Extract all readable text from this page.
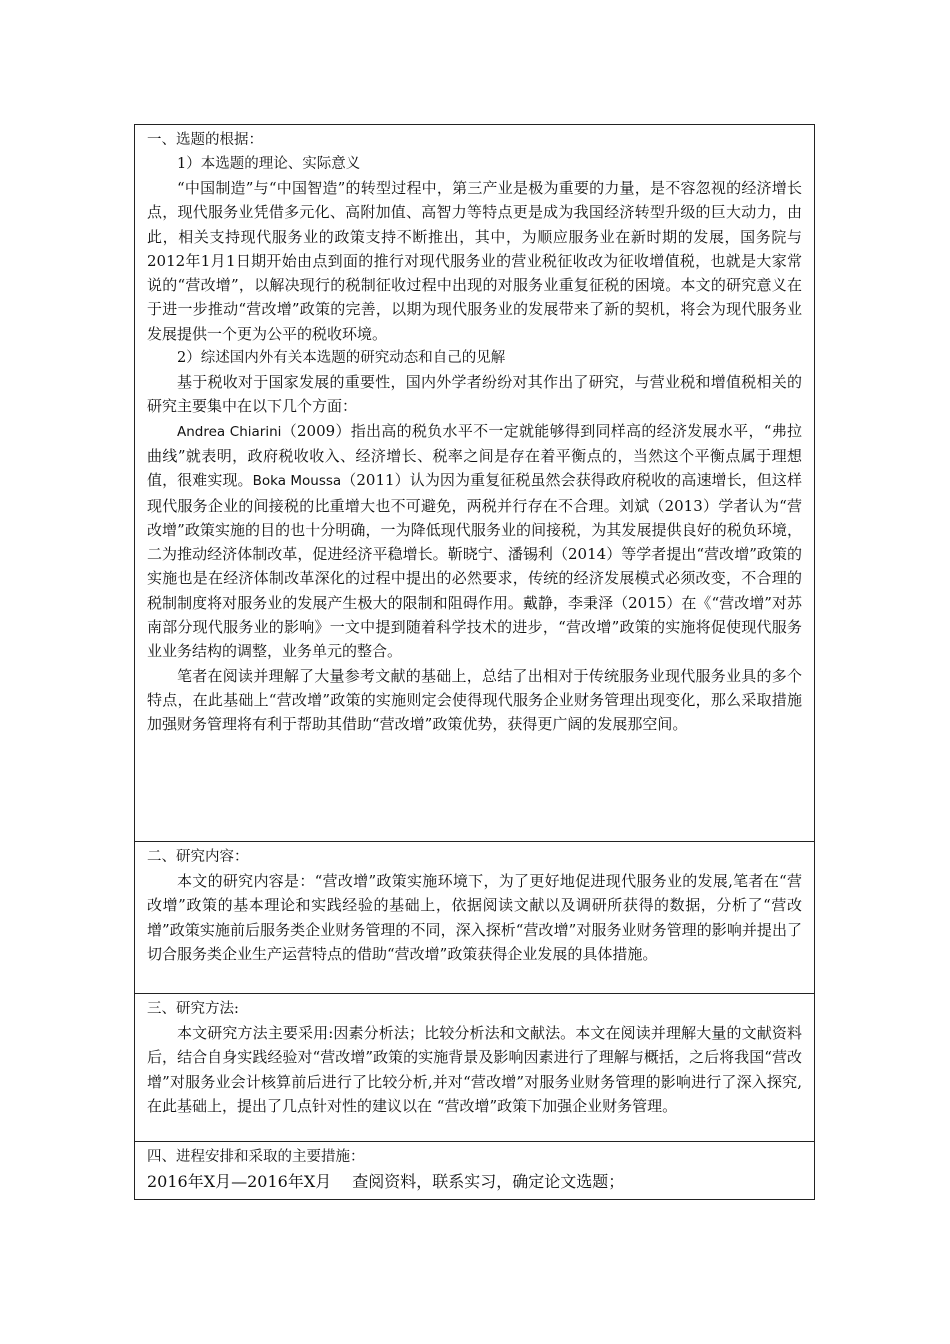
一、选题的根据：

1）本选题的理论、实际意义

“中国制造”与“中国智造”的转型过程中，第三产业是极为重要的力量，是不容忽视的经济增长点，现代服务业凭借多元化、高附加值、高智力等特点更是成为我国经济转型升级的巨大动力，由此，相关支持现代服务业的政策支持不断推出，其中，为顺应服务业在新时期的发展，国务院与2012年1月1日期开始由点到面的推行对现代服务业的营业税征收改为征收增值税，也就是大家常说的“营改增”，以解决现行的税制征收过程中出现的对服务业重复征税的困境。本文的研究意义在于进一步推动“营改增”政策的完善，以期为现代服务业的发展带来了新的契机，将会为现代服务业发展提供一个更为公平的税收环境。

2）综述国内外有关本选题的研究动态和自己的见解

基于税收对于国家发展的重要性，国内外学者纷纷对其作出了研究，与营业税和增值税相关的研究主要集中在以下几个方面：

Andrea Chiarini（2009）指出高的税负水平不一定就能够得到同样高的经济发展水平，“弗拉曲线”就表明，政府税收收入、经济增长、税率之间是存在着平衡点的，当然这个平衡点属于理想值，很难实现。Boka Moussa（2011）认为因为重复征税虽然会获得政府税收的高速增长，但这样现代服务企业的间接税的比重增大也不可避免，两税并行存在不合理。刘斌（2013）学者认为“营改增”政策实施的目的也十分明确，一为降低现代服务业的间接税，为其发展提供良好的税负环境，二为推动经济体制改革，促进经济平稳增长。靳晓宁、潘锡利（2014）等学者提出“营改增”政策的实施也是在经济体制改革深化的过程中提出的必然要求，传统的经济发展模式必须改变，不合理的税制制度将对服务业的发展产生极大的限制和阻碍作用。戴静，李秉泽（2015）在《“营改增”对苏南部分现代服务业的影响》一文中提到随着科学技术的进步，“营改增”政策的实施将促使现代服务业业务结构的调整，业务单元的整合。

笔者在阅读并理解了大量参考文献的基础上，总结了出相对于传统服务业现代服务业具的多个特点，在此基础上“营改增”政策的实施则定会使得现代服务企业财务管理出现变化，那么采取措施加强财务管理将有利于帮助其借助“营改增”政策优势，获得更广阔的发展那空间。

二、研究内容：

本文的研究内容是：“营改增”政策实施环境下，为了更好地促进现代服务业的发展,笔者在“营改增”政策的基本理论和实践经验的基础上，依据阅读文献以及调研所获得的数据，分析了“营改增”政策实施前后服务类企业财务管理的不同，深入探析“营改增”对服务业财务管理的影响并提出了切合服务类企业生产运营特点的借助“营改增”政策获得企业发展的具体措施。

三、研究方法:

本文研究方法主要采用:因素分析法；比较分析法和文献法。本文在阅读并理解大量的文献资料后，结合自身实践经验对“营改增”政策的实施背景及影响因素进行了理解与概括，之后将我国“营改增”对服务业会计核算前后进行了比较分析,并对“营改增”对服务业财务管理的影响进行了深入探究,在此基础上，提出了几点针对性的建议以在 “营改增”政策下加强企业财务管理。

四、进程安排和采取的主要措施：
2016年X月—2016年X月　 查阅资料，联系实习，确定论文选题；
